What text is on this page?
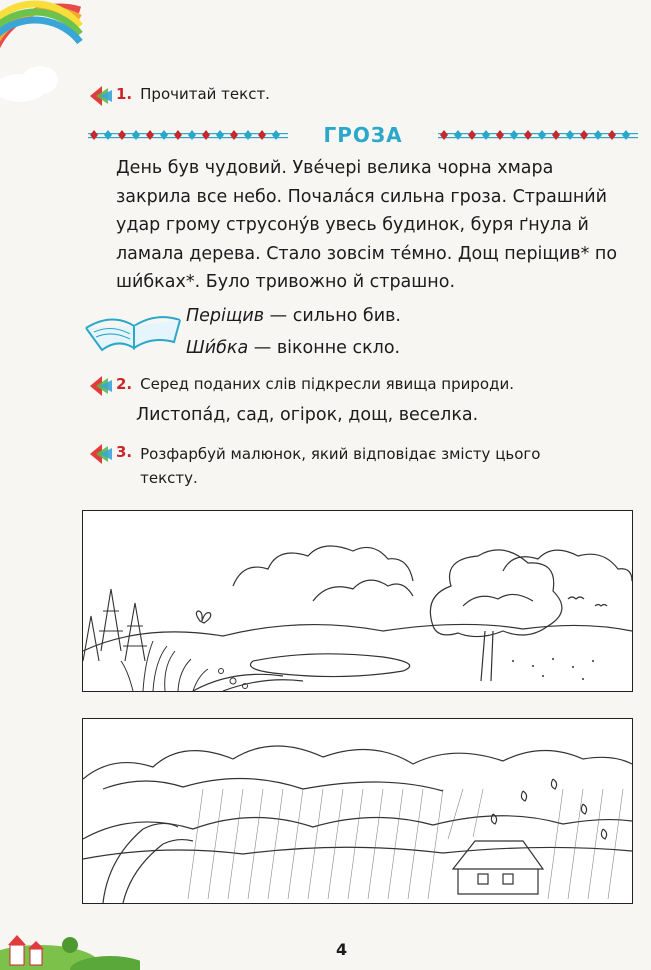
1. Прочитай текст.
ГРОЗА

День був чудовий. Уве́чері велика чорна хмара

закрила все небо. Почала́ся сильна гроза. Страшни́й

удар грому струсону́в увесь будинок, буря ґнула й

ламала дерева. Стало зовсім те́мно. Дощ періщив* по

ши́бках*. Було тривожно й страшно.

Періщив — сильно бив.
Ши́бка — віконне скло.
2. Серед поданих слів підкресли явища природи.
Листопа́д, сад, огірок, дощ, веселка.
3. Розфарбуй малюнок, який відповідає змісту цього
тексту.
4
